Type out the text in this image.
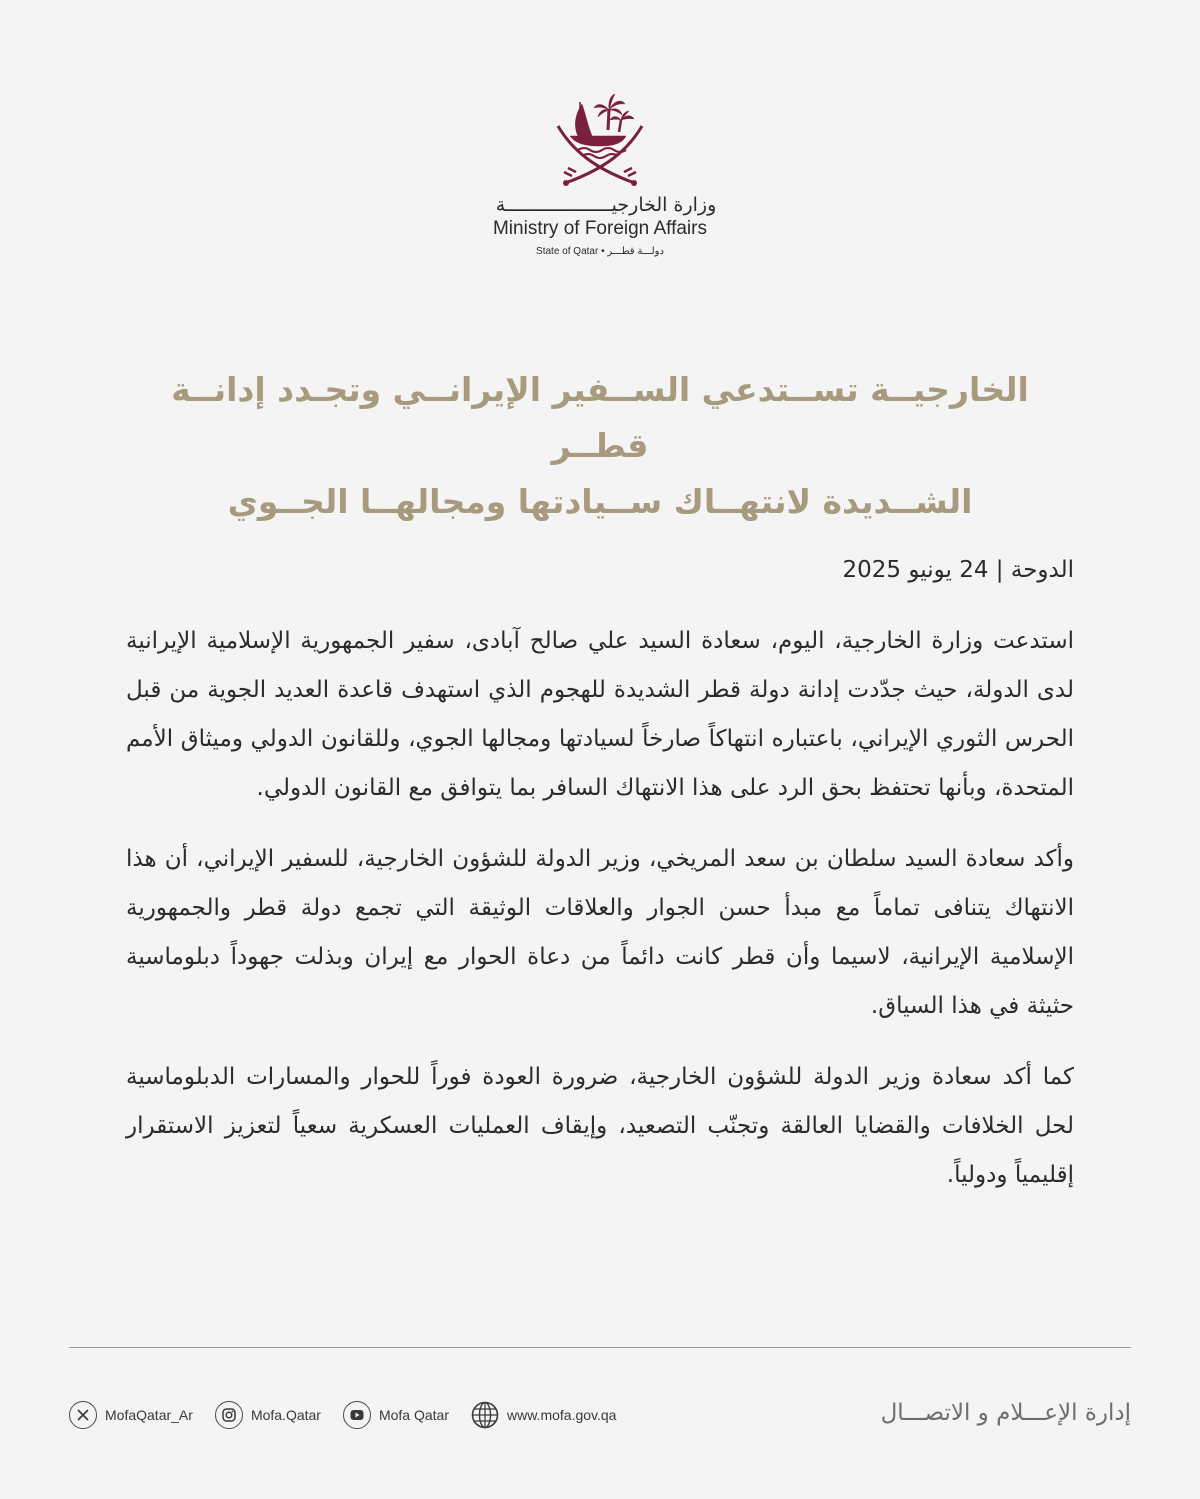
وزارة الخارجيـــــــــــــــــــة
Ministry of Foreign Affairs
State of Qatar • دولـــة قطـــر
الخارجيــة تســتدعي الســفير الإيرانــي وتجـدد إدانــة قطــر
الشــديدة لانتهــاك ســيادتها ومجالهــا الجــوي
الدوحة | 24 يونيو 2025

استدعت وزارة الخارجية، اليوم، سعادة السيد علي صالح آبادى، سفير الجمهورية الإسلامية الإيرانية لدى الدولة، حيث جدّدت إدانة دولة قطر الشديدة للهجوم الذي استهدف قاعدة العديد الجوية من قبل الحرس الثوري الإيراني، باعتباره انتهاكاً صارخاً لسيادتها ومجالها الجوي، وللقانون الدولي وميثاق الأمم المتحدة، وبأنها تحتفظ بحق الرد على هذا الانتهاك السافر بما يتوافق مع القانون الدولي.

وأكد سعادة السيد سلطان بن سعد المريخي، وزير الدولة للشؤون الخارجية، للسفير الإيراني، أن هذا الانتهاك يتنافى تماماً مع مبدأ حسن الجوار والعلاقات الوثيقة التي تجمع دولة قطر والجمهورية الإسلامية الإيرانية، لاسيما وأن قطر كانت دائماً من دعاة الحوار مع إيران وبذلت جهوداً دبلوماسية حثيثة في هذا السياق.

كما أكد سعادة وزير الدولة للشؤون الخارجية، ضرورة العودة فوراً للحوار والمسارات الدبلوماسية لحل الخلافات والقضايا العالقة وتجنّب التصعيد، وإيقاف العمليات العسكرية سعياً لتعزيز الاستقرار إقليمياً ودولياً.

إدارة الإعـــلام و الاتصـــال
MofaQatar_Ar	Mofa.Qatar	Mofa Qatar	www.mofa.gov.qa
